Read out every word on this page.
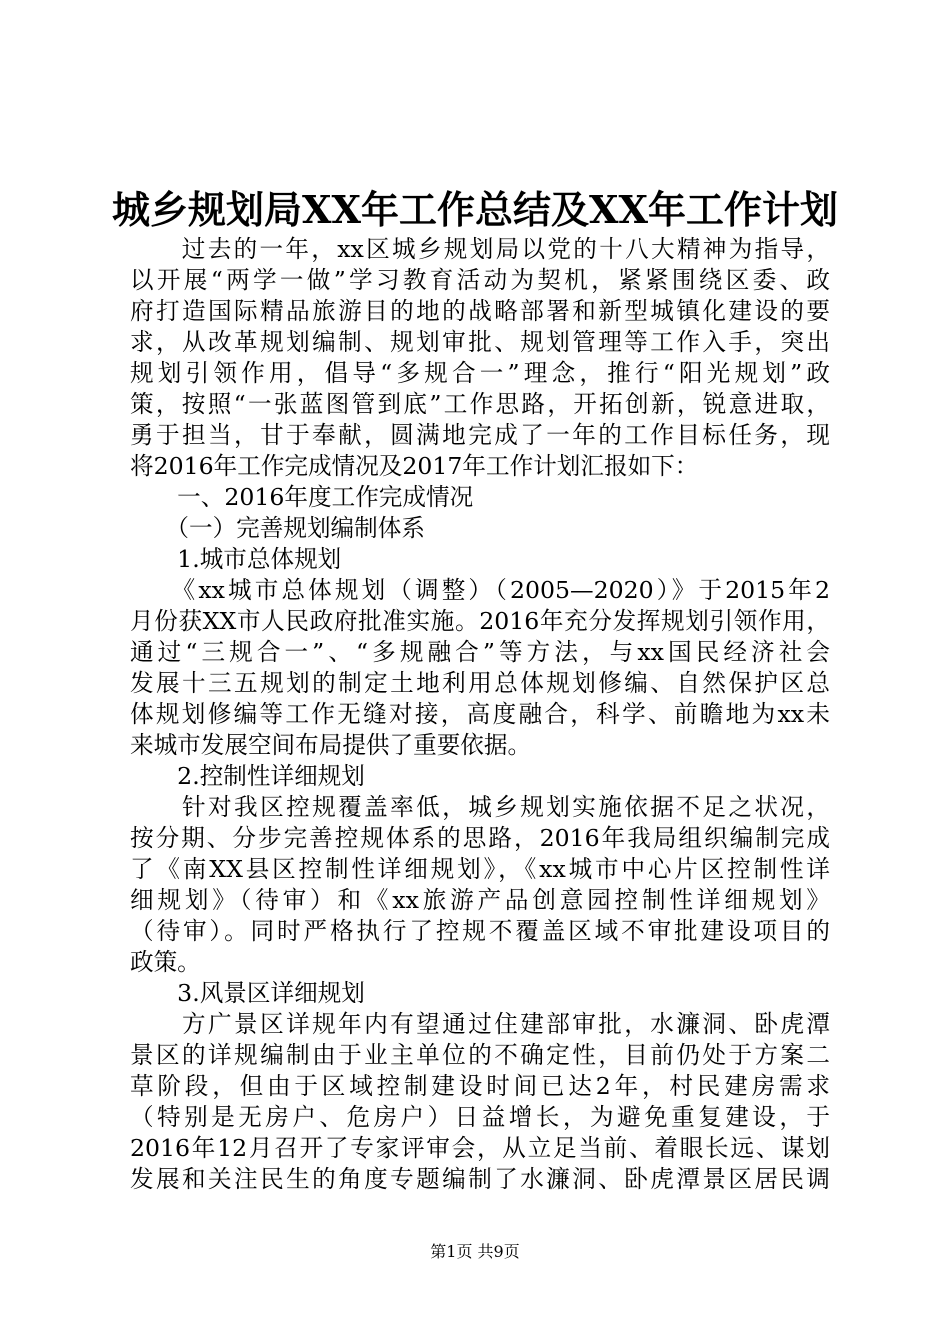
城乡规划局XX年工作总结及XX年工作计划
　　过去的一年，xx区城乡规划局以党的十八大精神为指导，
以开展“两学一做”学习教育活动为契机，紧紧围绕区委、政
府打造国际精品旅游目的地的战略部署和新型城镇化建设的要
求，从改革规划编制、规划审批、规划管理等工作入手，突出
规划引领作用，倡导“多规合一”理念，推行“阳光规划”政
策，按照“一张蓝图管到底”工作思路，开拓创新，锐意进取，
勇于担当，甘于奉献，圆满地完成了一年的工作目标任务，现
将2016年工作完成情况及2017年工作计划汇报如下：
　　一、2016年度工作完成情况
　　（一）完善规划编制体系
　　1.城市总体规划
　　《xx城市总体规划（调整）（2005—2020）》于2015年2
月份获XX市人民政府批准实施。2016年充分发挥规划引领作用，
通过“三规合一”、“多规融合”等方法，与xx国民经济社会
发展十三五规划的制定土地利用总体规划修编、自然保护区总
体规划修编等工作无缝对接，高度融合，科学、前瞻地为xx未
来城市发展空间布局提供了重要依据。
　　2.控制性详细规划
　　针对我区控规覆盖率低，城乡规划实施依据不足之状况，
按分期、分步完善控规体系的思路，2016年我局组织编制完成
了《南XX县区控制性详细规划》，《xx城市中心片区控制性详
细规划》（待审）和《xx旅游产品创意园控制性详细规划》
（待审）。同时严格执行了控规不覆盖区域不审批建设项目的
政策。
　　3.风景区详细规划
　　方广景区详规年内有望通过住建部审批，水濂洞、卧虎潭
景区的详规编制由于业主单位的不确定性，目前仍处于方案二
草阶段，但由于区域控制建设时间已达2年，村民建房需求
（特别是无房户、危房户）日益增长，为避免重复建设，于
2016年12月召开了专家评审会，从立足当前、着眼长远、谋划
发展和关注民生的角度专题编制了水濂洞、卧虎潭景区居民调
第1页 共9页
